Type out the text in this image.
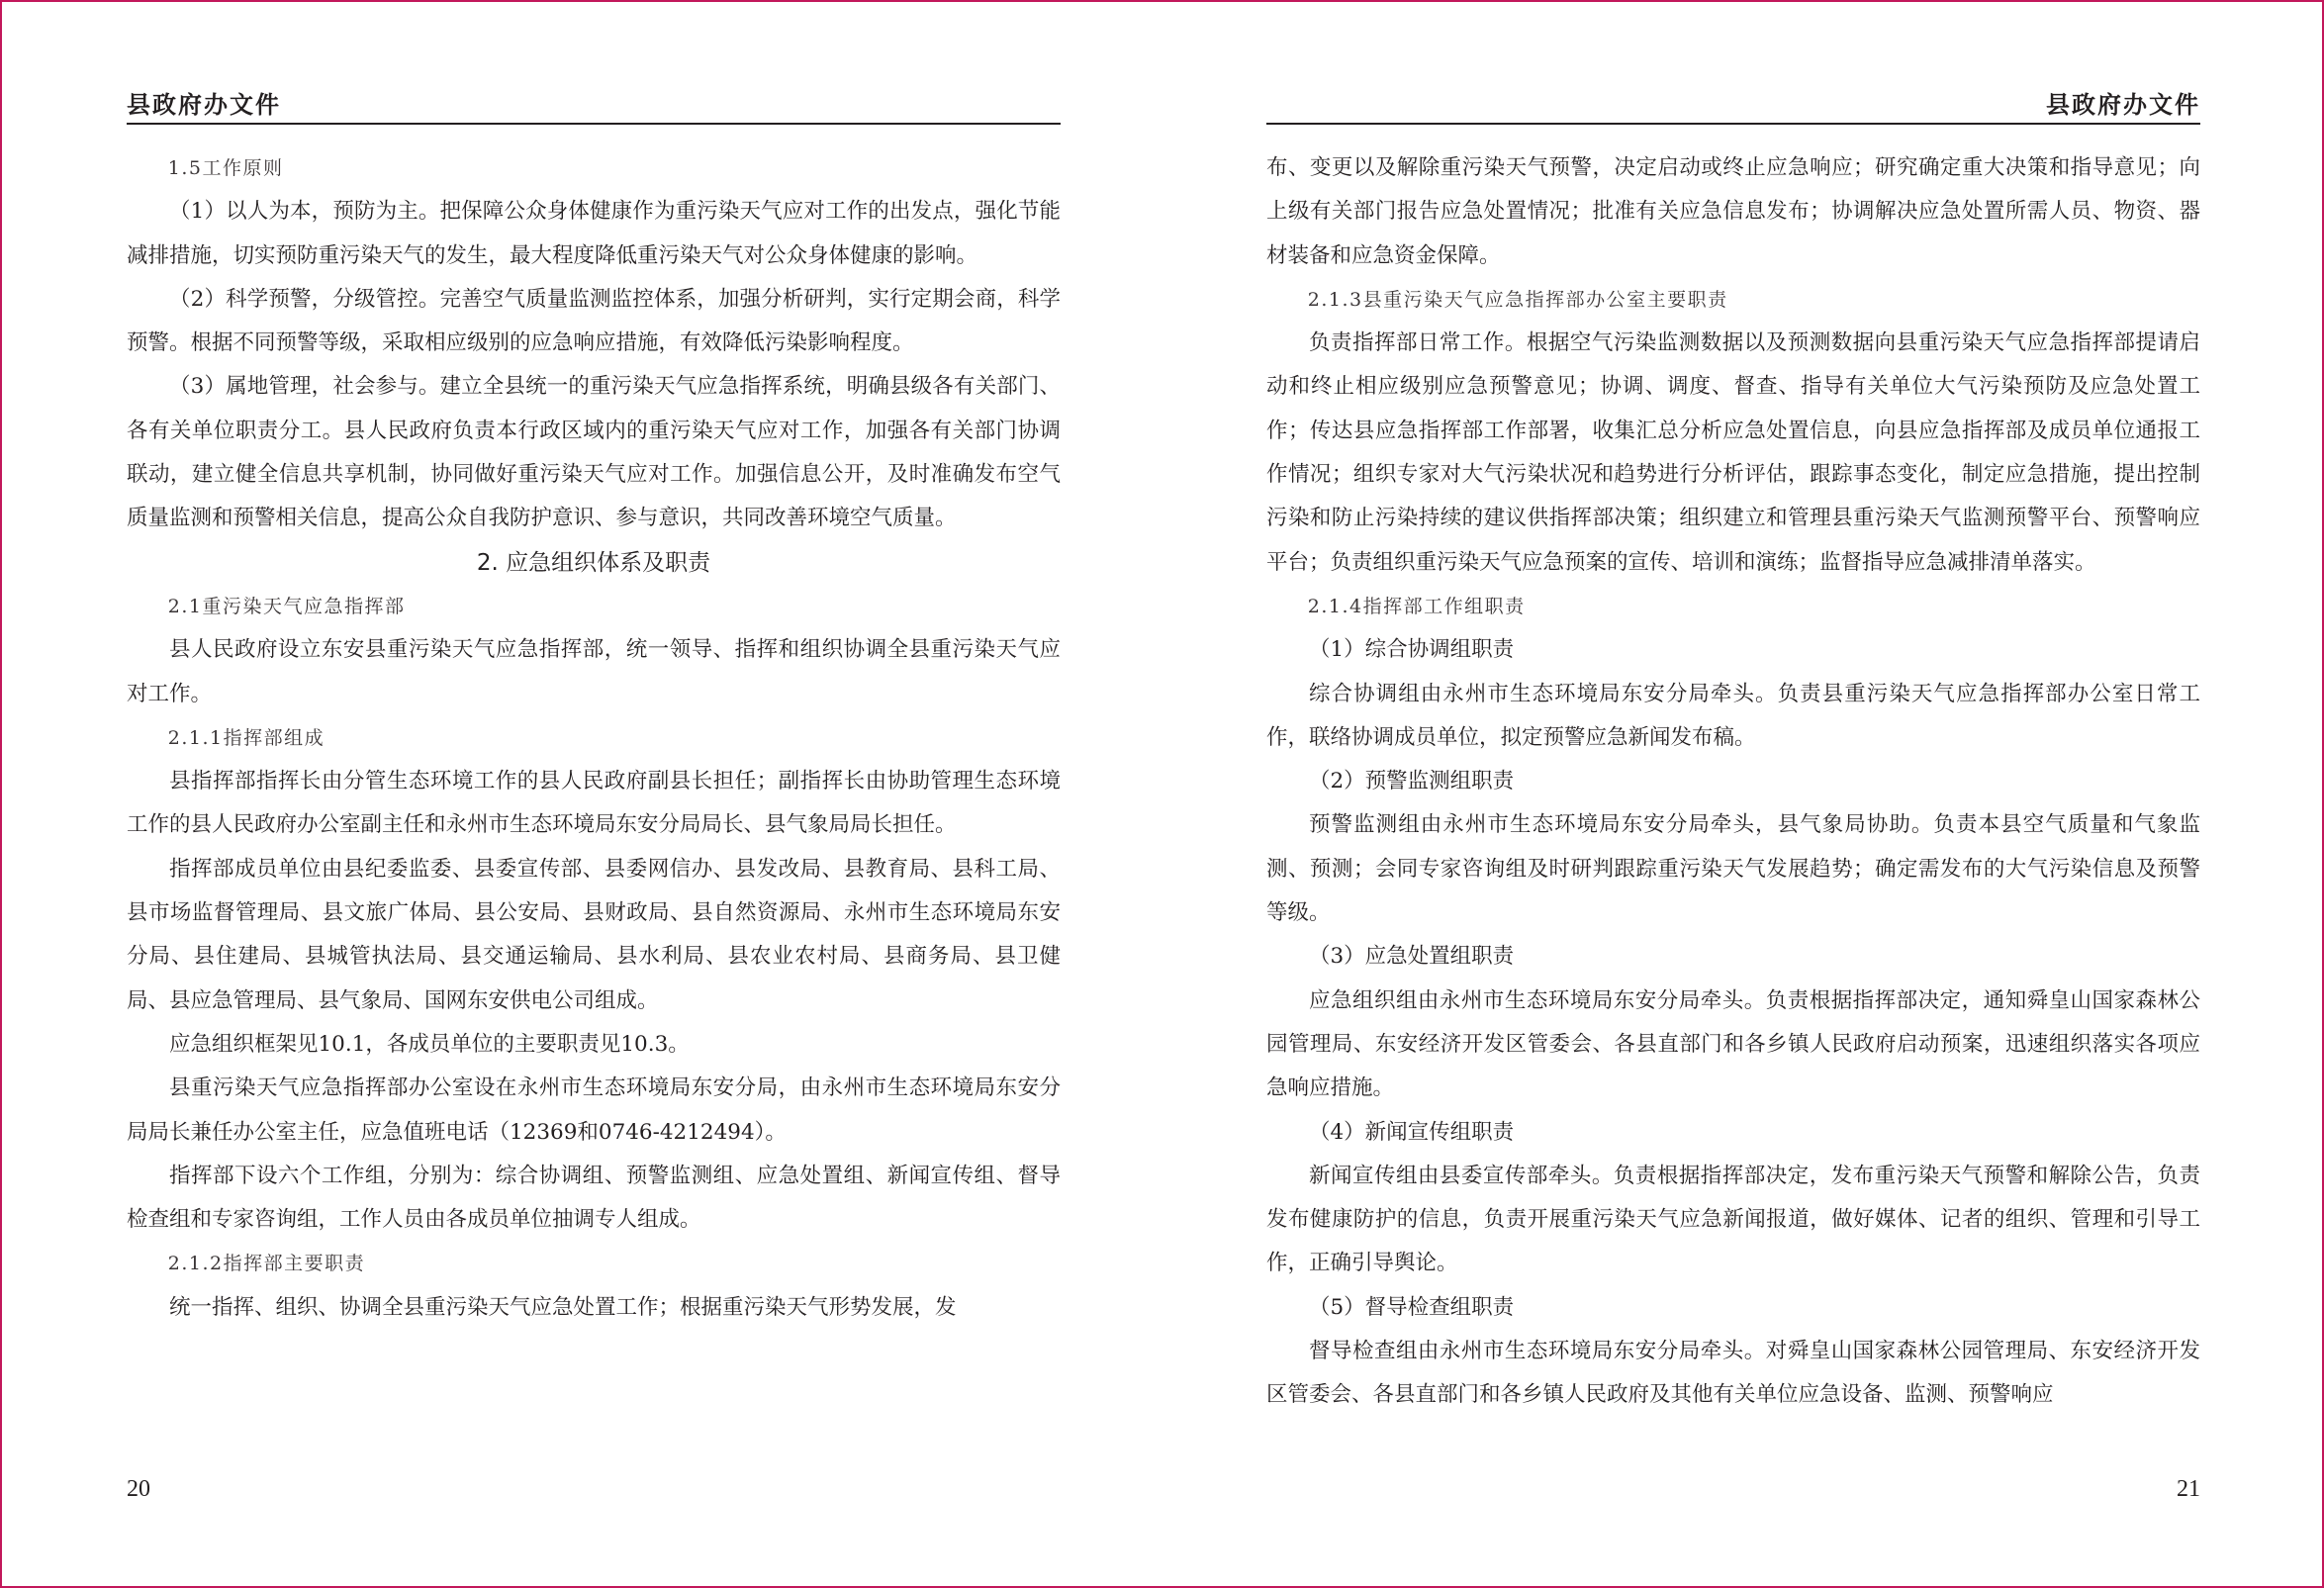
县政府办文件
1.5工作原则

（1）以人为本，预防为主。把保障公众身体健康作为重污染天气应对工作的出发点，强化节能减排措施，切实预防重污染天气的发生，最大程度降低重污染天气对公众身体健康的影响。

（2）科学预警，分级管控。完善空气质量监测监控体系，加强分析研判，实行定期会商，科学预警。根据不同预警等级，采取相应级别的应急响应措施，有效降低污染影响程度。

（3）属地管理，社会参与。建立全县统一的重污染天气应急指挥系统，明确县级各有关部门、各有关单位职责分工。县人民政府负责本行政区域内的重污染天气应对工作，加强各有关部门协调联动，建立健全信息共享机制，协同做好重污染天气应对工作。加强信息公开，及时准确发布空气质量监测和预警相关信息，提高公众自我防护意识、参与意识，共同改善环境空气质量。

2. 应急组织体系及职责
2.1重污染天气应急指挥部

县人民政府设立东安县重污染天气应急指挥部，统一领导、指挥和组织协调全县重污染天气应对工作。

2.1.1指挥部组成

县指挥部指挥长由分管生态环境工作的县人民政府副县长担任；副指挥长由协助管理生态环境工作的县人民政府办公室副主任和永州市生态环境局东安分局局长、县气象局局长担任。

指挥部成员单位由县纪委监委、县委宣传部、县委网信办、县发改局、县教育局、县科工局、县市场监督管理局、县文旅广体局、县公安局、县财政局、县自然资源局、永州市生态环境局东安分局、县住建局、县城管执法局、县交通运输局、县水利局、县农业农村局、县商务局、县卫健局、县应急管理局、县气象局、国网东安供电公司组成。

应急组织框架见10.1，各成员单位的主要职责见10.3。

县重污染天气应急指挥部办公室设在永州市生态环境局东安分局，由永州市生态环境局东安分局局长兼任办公室主任，应急值班电话（12369和0746-4212494）。

指挥部下设六个工作组，分别为：综合协调组、预警监测组、应急处置组、新闻宣传组、督导检查组和专家咨询组，工作人员由各成员单位抽调专人组成。

2.1.2指挥部主要职责

统一指挥、组织、协调全县重污染天气应急处置工作；根据重污染天气形势发展，发

20
县政府办文件

布、变更以及解除重污染天气预警，决定启动或终止应急响应；研究确定重大决策和指导意见；向上级有关部门报告应急处置情况；批准有关应急信息发布；协调解决应急处置所需人员、物资、器材装备和应急资金保障。

2.1.3县重污染天气应急指挥部办公室主要职责

负责指挥部日常工作。根据空气污染监测数据以及预测数据向县重污染天气应急指挥部提请启动和终止相应级别应急预警意见；协调、调度、督查、指导有关单位大气污染预防及应急处置工作；传达县应急指挥部工作部署，收集汇总分析应急处置信息，向县应急指挥部及成员单位通报工作情况；组织专家对大气污染状况和趋势进行分析评估，跟踪事态变化，制定应急措施，提出控制污染和防止污染持续的建议供指挥部决策；组织建立和管理县重污染天气监测预警平台、预警响应平台；负责组织重污染天气应急预案的宣传、培训和演练；监督指导应急减排清单落实。

2.1.4指挥部工作组职责

（1）综合协调组职责

综合协调组由永州市生态环境局东安分局牵头。负责县重污染天气应急指挥部办公室日常工作，联络协调成员单位，拟定预警应急新闻发布稿。

（2）预警监测组职责

预警监测组由永州市生态环境局东安分局牵头，县气象局协助。负责本县空气质量和气象监测、预测；会同专家咨询组及时研判跟踪重污染天气发展趋势；确定需发布的大气污染信息及预警等级。

（3）应急处置组职责

应急组织组由永州市生态环境局东安分局牵头。负责根据指挥部决定，通知舜皇山国家森林公园管理局、东安经济开发区管委会、各县直部门和各乡镇人民政府启动预案，迅速组织落实各项应急响应措施。

（4）新闻宣传组职责

新闻宣传组由县委宣传部牵头。负责根据指挥部决定，发布重污染天气预警和解除公告，负责发布健康防护的信息，负责开展重污染天气应急新闻报道，做好媒体、记者的组织、管理和引导工作，正确引导舆论。

（5）督导检查组职责

督导检查组由永州市生态环境局东安分局牵头。对舜皇山国家森林公园管理局、东安经济开发区管委会、各县直部门和各乡镇人民政府及其他有关单位应急设备、监测、预警响应

21
